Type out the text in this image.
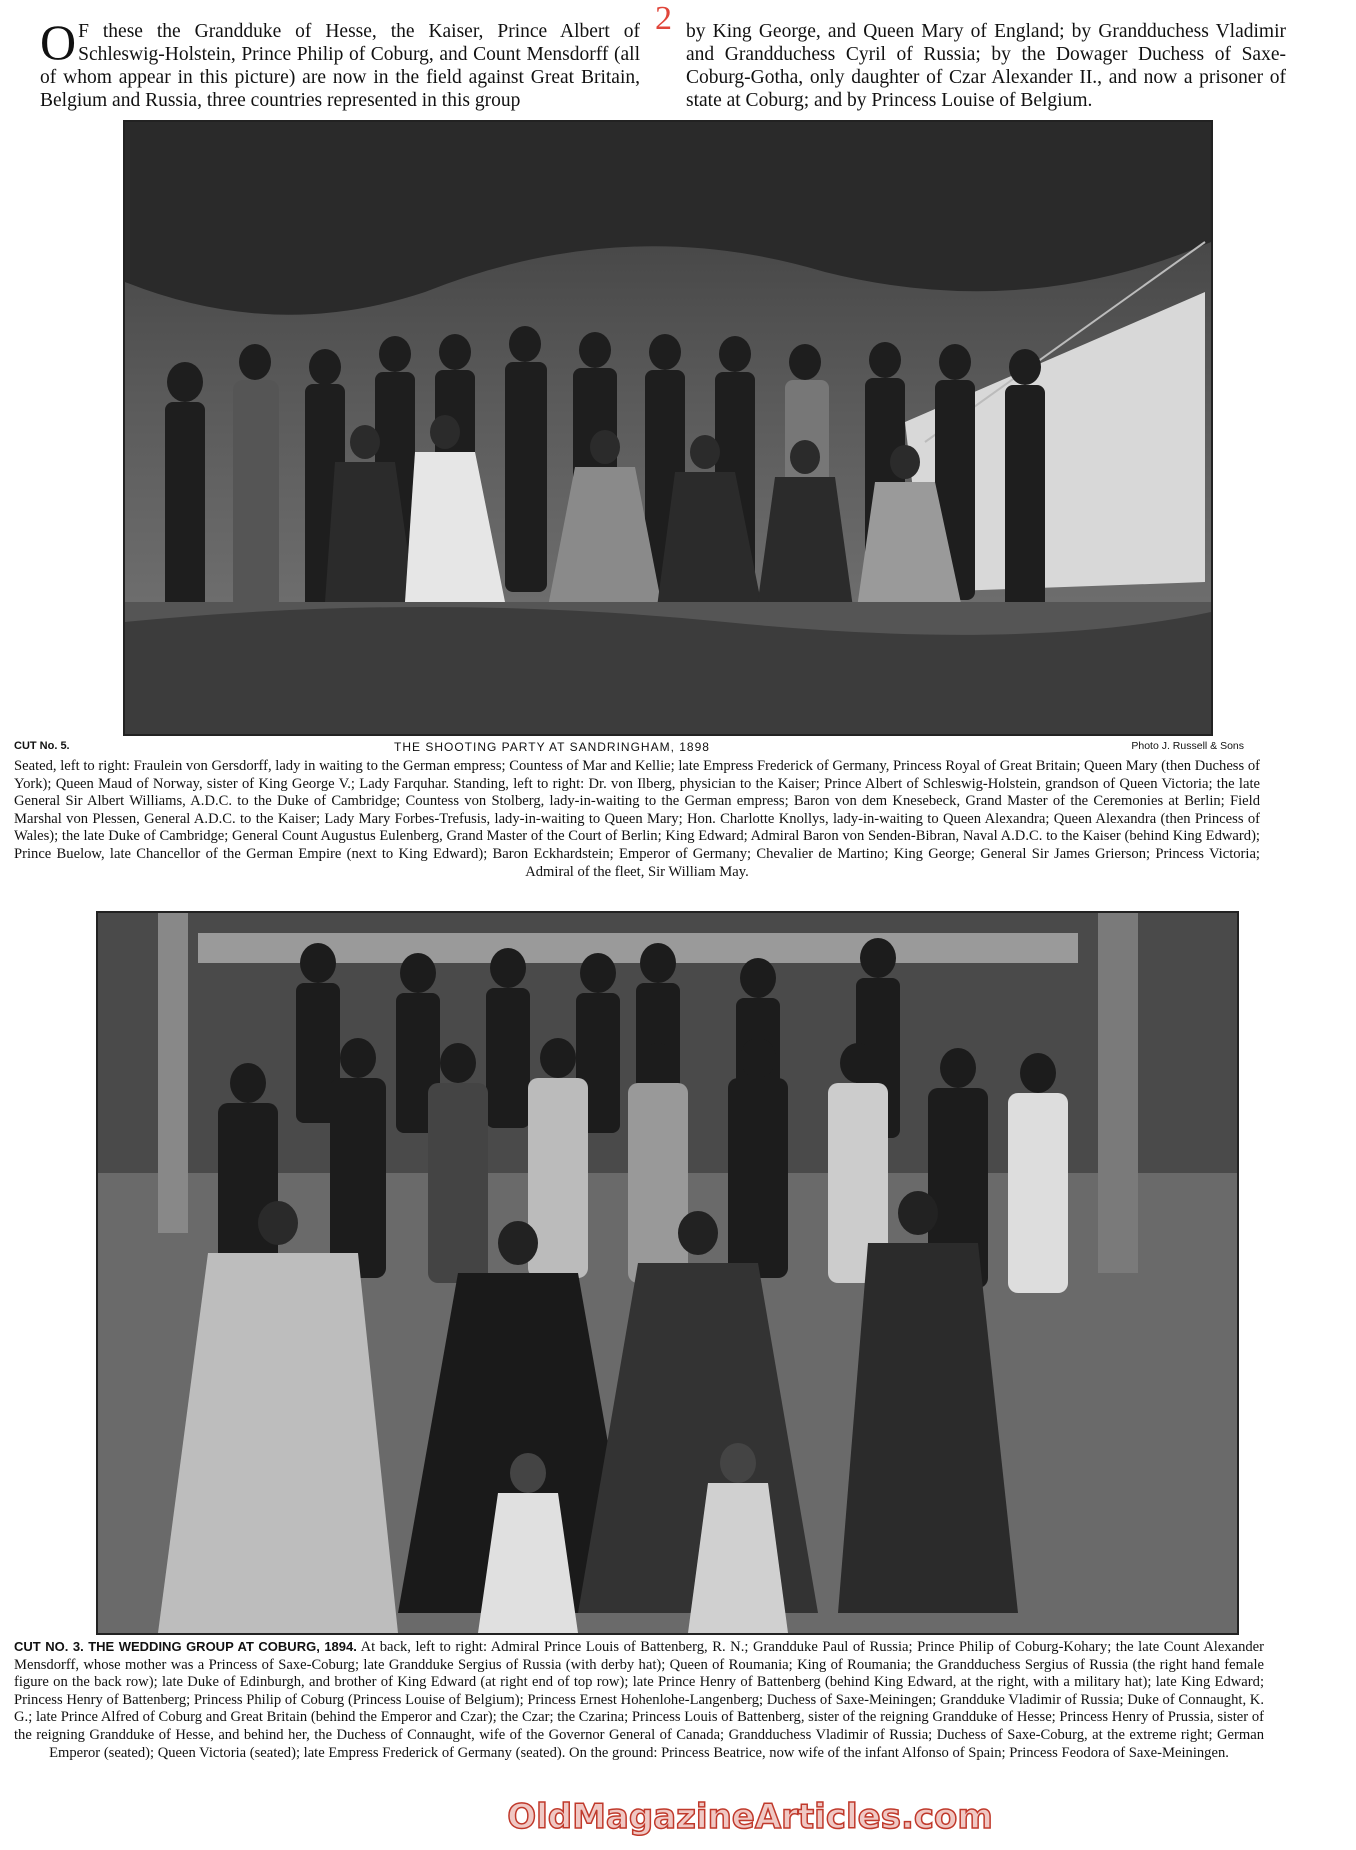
2
O F these the Grandduke of Hesse, the Kaiser, Prince Albert of Schleswig-Holstein, Prince Philip of Coburg, and Count Mensdorff (all of whom appear in this picture) are now in the field against Great Britain, Belgium and Russia, three countries represented in this group
by King George, and Queen Mary of England; by Grandduchess Vladimir and Grandduchess Cyril of Russia; by the Dowager Duchess of Saxe-Coburg-Gotha, only daughter of Czar Alexander II., and now a prisoner of state at Coburg; and by Princess Louise of Belgium.
CUT No. 5.	THE SHOOTING PARTY AT SANDRINGHAM, 1898	Photo J. Russell & Sons
Seated, left to right: Fraulein von Gersdorff, lady in waiting to the German empress; Countess of Mar and Kellie; late Empress Frederick of Germany, Princess Royal of Great Britain; Queen Mary (then Duchess of York); Queen Maud of Norway, sister of King George V.; Lady Farquhar. Standing, left to right: Dr. von Ilberg, physician to the Kaiser; Prince Albert of Schleswig-Holstein, grandson of Queen Victoria; the late General Sir Albert Williams, A.D.C. to the Duke of Cambridge; Countess von Stolberg, lady-in-waiting to the German empress; Baron von dem Knesebeck, Grand Master of the Ceremonies at Berlin; Field Marshal von Plessen, General A.D.C. to the Kaiser; Lady Mary Forbes-Trefusis, lady-in-waiting to Queen Mary; Hon. Charlotte Knollys, lady-in-waiting to Queen Alexandra; Queen Alexandra (then Princess of Wales); the late Duke of Cambridge; General Count Augustus Eulenberg, Grand Master of the Court of Berlin; King Edward; Admiral Baron von Senden-Bibran, Naval A.D.C. to the Kaiser (behind King Edward); Prince Buelow, late Chancellor of the German Empire (next to King Edward); Baron Eckhardstein; Emperor of Germany; Chevalier de Martino; King George; General Sir James Grierson; Princess Victoria; Admiral of the fleet, Sir William May.
CUT NO. 3. THE WEDDING GROUP AT COBURG, 1894. At back, left to right: Admiral Prince Louis of Battenberg, R. N.; Grandduke Paul of Russia; Prince Philip of Coburg-Kohary; the late Count Alexander Mensdorff, whose mother was a Princess of Saxe-Coburg; late Grandduke Sergius of Russia (with derby hat); Queen of Roumania; King of Roumania; the Grandduchess Sergius of Russia (the right hand female figure on the back row); late Duke of Edinburgh, and brother of King Edward (at right end of top row); late Prince Henry of Battenberg (behind King Edward, at the right, with a military hat); late King Edward; Princess Henry of Battenberg; Princess Philip of Coburg (Princess Louise of Belgium); Princess Ernest Hohenlohe-Langenberg; Duchess of Saxe-Meiningen; Grandduke Vladimir of Russia; Duke of Connaught, K. G.; late Prince Alfred of Coburg and Great Britain (behind the Emperor and Czar); the Czar; the Czarina; Princess Louis of Battenberg, sister of the reigning Grandduke of Hesse; Princess Henry of Prussia, sister of the reigning Grandduke of Hesse, and behind her, the Duchess of Connaught, wife of the Governor General of Canada; Grandduchess Vladimir of Russia; Duchess of Saxe-Coburg, at the extreme right; German Emperor (seated); Queen Victoria (seated); late Empress Frederick of Germany (seated). On the ground: Princess Beatrice, now wife of the infant Alfonso of Spain; Princess Feodora of Saxe-Meiningen.
OldMagazineArticles.com
